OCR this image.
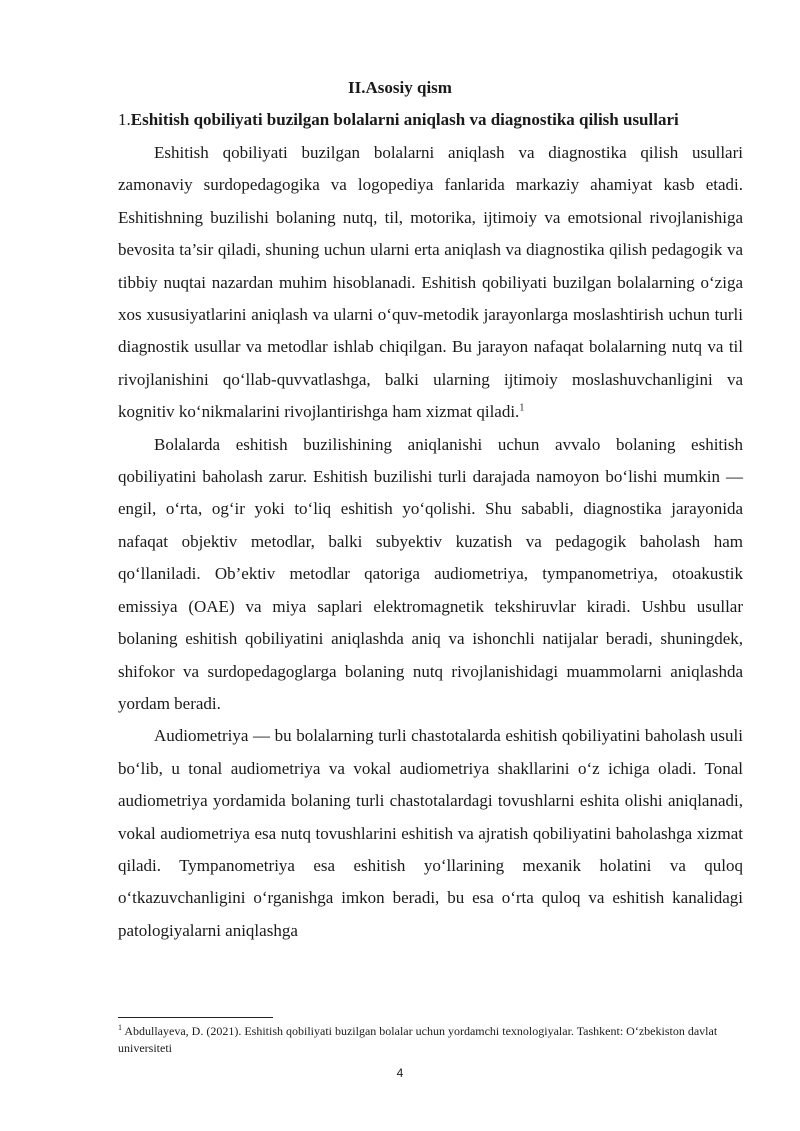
II.Asosiy qism
1.Eshitish qobiliyati buzilgan bolalarni aniqlash va diagnostika qilish usullari

Eshitish qobiliyati buzilgan bolalarni aniqlash va diagnostika qilish usullari zamonaviy surdopedagogika va logopediya fanlarida markaziy ahamiyat kasb etadi. Eshitishning buzilishi bolaning nutq, til, motorika, ijtimoiy va emotsional rivojlanishiga bevosita ta’sir qiladi, shuning uchun ularni erta aniqlash va diagnostika qilish pedagogik va tibbiy nuqtai nazardan muhim hisoblanadi. Eshitish qobiliyati buzilgan bolalarning o‘ziga xos xususiyatlarini aniqlash va ularni o‘quv-metodik jarayonlarga moslashtirish uchun turli diagnostik usullar va metodlar ishlab chiqilgan. Bu jarayon nafaqat bolalarning nutq va til rivojlanishini qo‘llab-quvvatlashga, balki ularning ijtimoiy moslashuvchanligini va kognitiv ko‘nikmalarini rivojlantirishga ham xizmat qiladi.$^1$

Bolalarda eshitish buzilishining aniqlanishi uchun avvalo bolaning eshitish qobiliyatini baholash zarur. Eshitish buzilishi turli darajada namoyon bo‘lishi mumkin — engil, o‘rta, og‘ir yoki to‘liq eshitish yo‘qolishi. Shu sababli, diagnostika jarayonida nafaqat objektiv metodlar, balki subyektiv kuzatish va pedagogik baholash ham qo‘llaniladi. Ob’ektiv metodlar qatoriga audiometriya, tympanometriya, otoakustik emissiya (OAE) va miya saplari elektromagnetik tekshiruvlar kiradi. Ushbu usullar bolaning eshitish qobiliyatini aniqlashda aniq va ishonchli natijalar beradi, shuningdek, shifokor va surdopedagoglarga bolaning nutq rivojlanishidagi muammolarni aniqlashda yordam beradi.

Audiometriya — bu bolalarning turli chastotalarda eshitish qobiliyatini baholash usuli bo‘lib, u tonal audiometriya va vokal audiometriya shakllarini o‘z ichiga oladi. Tonal audiometriya yordamida bolaning turli chastotalardagi tovushlarni eshita olishi aniqlanadi, vokal audiometriya esa nutq tovushlarini eshitish va ajratish qobiliyatini baholashga xizmat qiladi. Tympanometriya esa eshitish yo‘llarining mexanik holatini va quloq o‘tkazuvchanligini o‘rganishga imkon beradi, bu esa o‘rta quloq va eshitish kanalidagi patologiyalarni aniqlashga

$^1$ Abdullayeva, D. (2021). Eshitish qobiliyati buzilgan bolalar uchun yordamchi texnologiyalar. Tashkent: O‘zbekiston davlat universiteti
4
